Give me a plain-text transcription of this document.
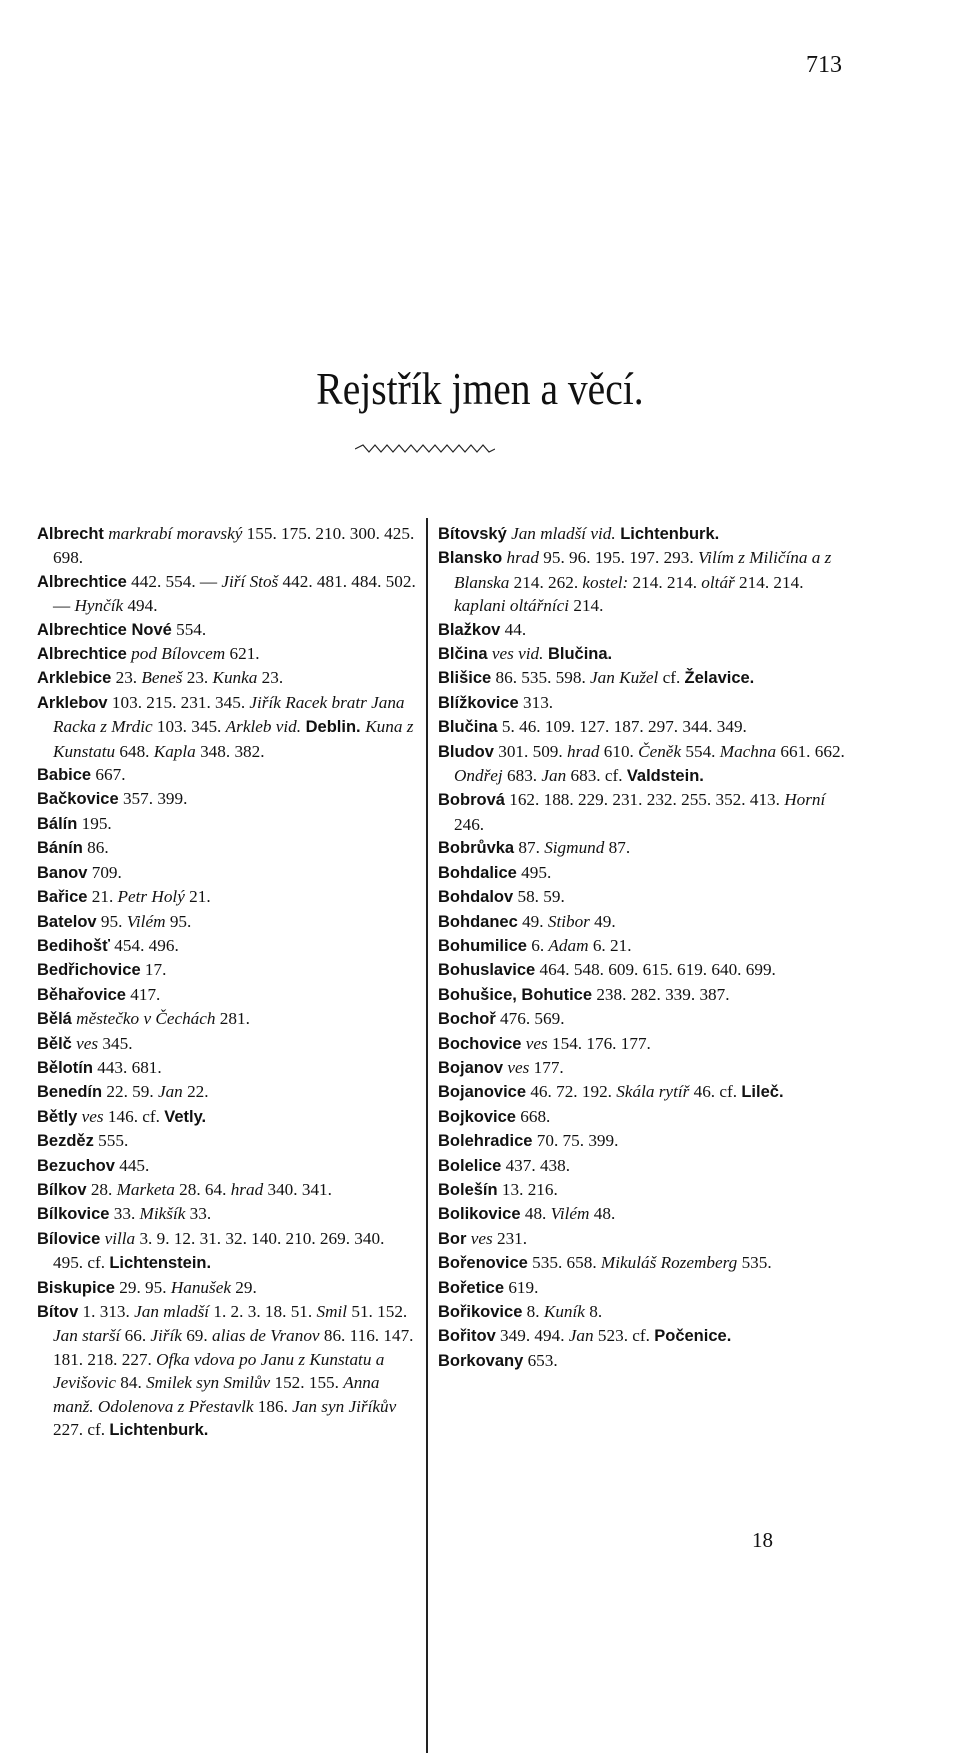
713
Rejstřík jmen a věcí.
Albrecht markrabí moravský 155. 175. 210. 300. 425. 698.
Albrechtice 442. 554. — Jiří Stoš 442. 481. 484. 502. — Hynčík 494.
Albrechtice Nové 554.
Albrechtice pod Bílovcem 621.
Arklebice 23. Beneš 23. Kunka 23.
Arklebov 103. 215. 231. 345. Jiřík Racek bratr Jana Racka z Mrdic 103. 345. Arkleb vid. Deblin. Kuna z Kunstatu 648. Kapla 348. 382.
Babice 667.
Bačkovice 357. 399.
Bálín 195.
Bánín 86.
Banov 709.
Bařice 21. Petr Holý 21.
Batelov 95. Vilém 95.
Bedihošť 454. 496.
Bedřichovice 17.
Běhařovice 417.
Bělá městečko v Čechách 281.
Bělč ves 345.
Bělotín 443. 681.
Benedín 22. 59. Jan 22.
Bětly ves 146. cf. Vetly.
Bezděz 555.
Bezuchov 445.
Bílkov 28. Marketa 28. 64. hrad 340. 341.
Bílkovice 33. Mikšík 33.
Bílovice villa 3. 9. 12. 31. 32. 140. 210. 269. 340. 495. cf. Lichtenstein.
Biskupice 29. 95. Hanušek 29.
Bítov 1. 313. Jan mladší 1. 2. 3. 18. 51. Smil 51. 152. Jan starší 66. Jiřík 69. alias de Vranov 86. 116. 147. 181. 218. 227. Ofka vdova po Janu z Kunstatu a Jevišovic 84. Smilek syn Smilův 152. 155. Anna manž. Odolenova z Přestavlk 186. Jan syn Jiříkův 227. cf. Lichtenburk.
Bítovský Jan mladší vid. Lichtenburk.
Blansko hrad 95. 96. 195. 197. 293. Vilím z Miličína a z Blanska 214. 262. kostel: 214. 214. oltář 214. 214. kaplani oltářníci 214.
Blažkov 44.
Blčina ves vid. Blučina.
Blišice 86. 535. 598. Jan Kužel cf. Želavice.
Blížkovice 313.
Blučina 5. 46. 109. 127. 187. 297. 344. 349.
Bludov 301. 509. hrad 610. Čeněk 554. Machna 661. 662. Ondřej 683. Jan 683. cf. Valdstein.
Bobrová 162. 188. 229. 231. 232. 255. 352. 413. Horní 246.
Bobrůvka 87. Sigmund 87.
Bohdalice 495.
Bohdalov 58. 59.
Bohdanec 49. Stibor 49.
Bohumilice 6. Adam 6. 21.
Bohuslavice 464. 548. 609. 615. 619. 640. 699.
Bohušice, Bohutice 238. 282. 339. 387.
Bochoř 476. 569.
Bochovice ves 154. 176. 177.
Bojanov ves 177.
Bojanovice 46. 72. 192. Skála rytíř 46. cf. Lileč.
Bojkovice 668.
Bolehradice 70. 75. 399.
Bolelice 437. 438.
Bolešín 13. 216.
Bolikovice 48. Vilém 48.
Bor ves 231.
Bořenovice 535. 658. Mikuláš Rozemberg 535.
Bořetice 619.
Bořikovice 8. Kuník 8.
Bořitov 349. 494. Jan 523. cf. Počenice.
Borkovany 653.
18
